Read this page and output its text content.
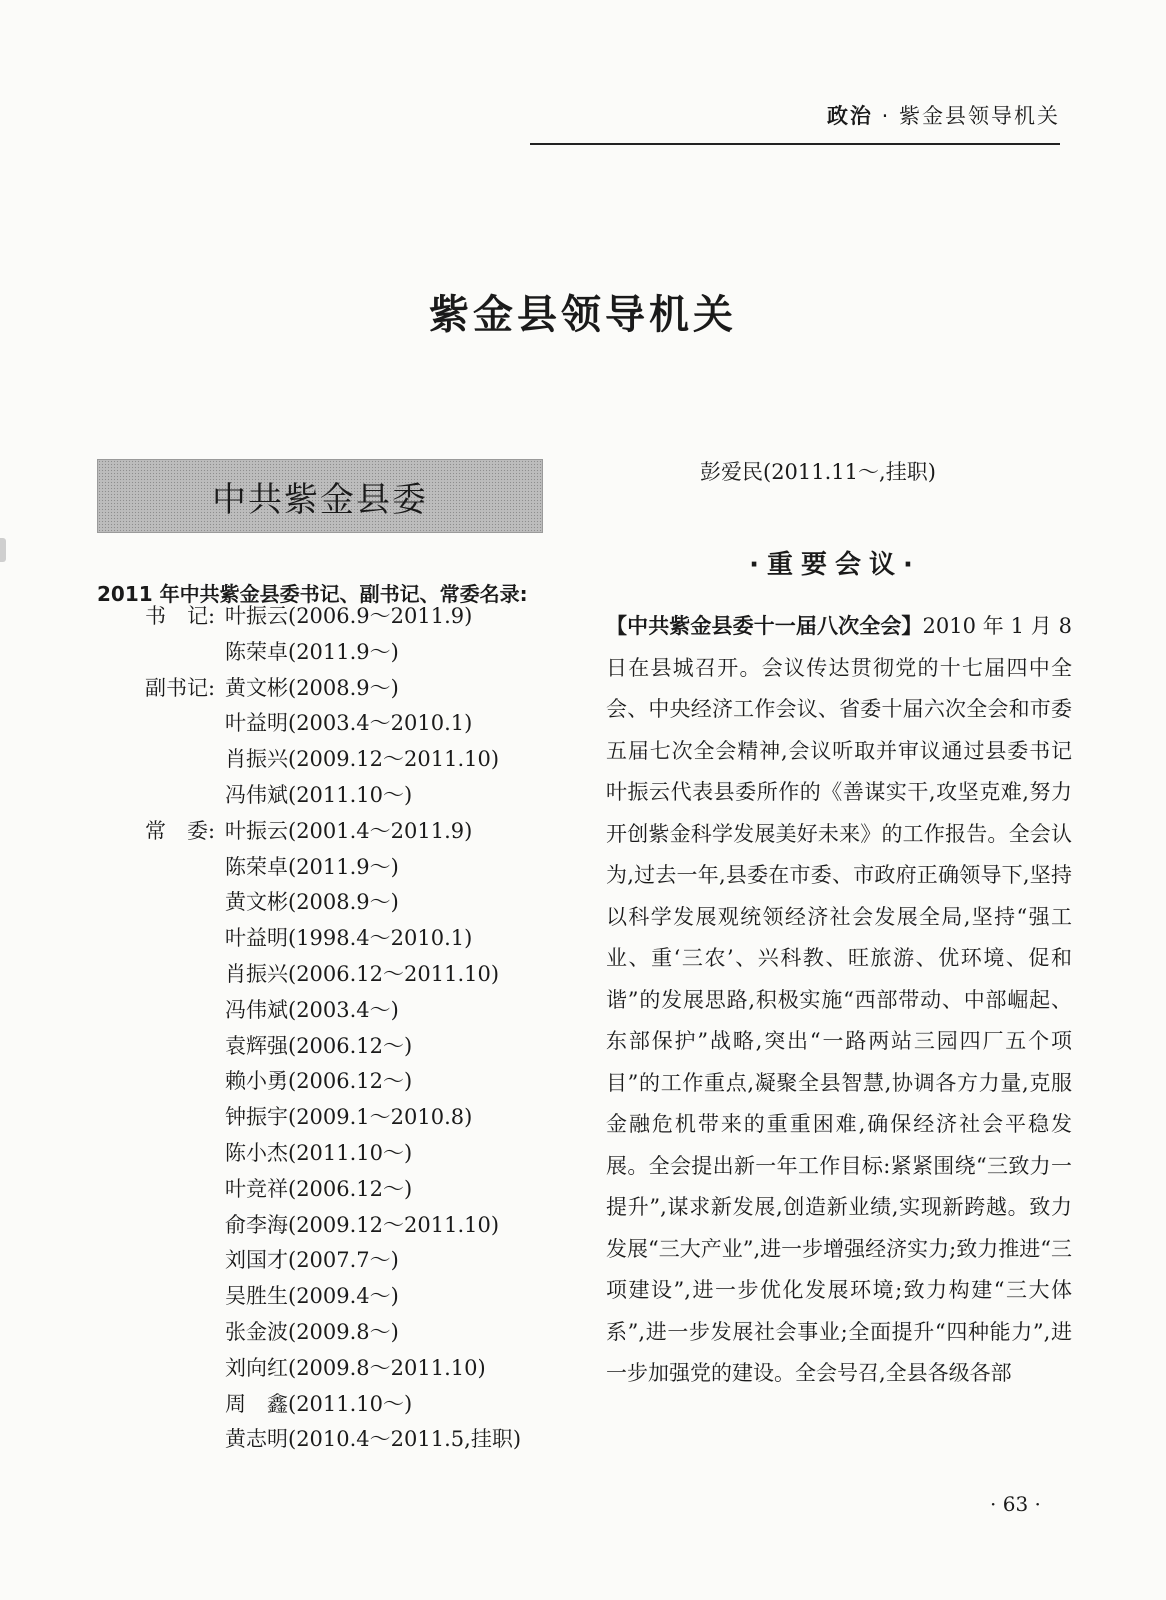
政治 · 紫金县领导机关
紫金县领导机关
中共紫金县委
2011 年中共紫金县委书记、副书记、常委名录:
书　记: 叶振云(2006.9～2011.9)
陈荣卓(2011.9～)
副书记: 黄文彬(2008.9～)
叶益明(2003.4～2010.1)
肖振兴(2009.12～2011.10)
冯伟斌(2011.10～)
常　委: 叶振云(2001.4～2011.9)
陈荣卓(2011.9～)
黄文彬(2008.9～)
叶益明(1998.4～2010.1)
肖振兴(2006.12～2011.10)
冯伟斌(2003.4～)
袁辉强(2006.12～)
赖小勇(2006.12～)
钟振宇(2009.1～2010.8)
陈小杰(2011.10～)
叶竞祥(2006.12～)
俞李海(2009.12～2011.10)
刘国才(2007.7～)
吴胜生(2009.4～)
张金波(2009.8～)
刘向红(2009.8～2011.10)
周　鑫(2011.10～)
黄志明(2010.4～2011.5,挂职)
彭爱民(2011.11～,挂职)
·重要会议·

【中共紫金县委十一届八次全会】2010 年 1 月 8 日在县城召开。会议传达贯彻党的十七届四中全会、中央经济工作会议、省委十届六次全会和市委五届七次全会精神,会议听取并审议通过县委书记叶振云代表县委所作的《善谋实干,攻坚克难,努力开创紫金科学发展美好未来》的工作报告。全会认为,过去一年,县委在市委、市政府正确领导下,坚持以科学发展观统领经济社会发展全局,坚持“强工业、重‘三农’、兴科教、旺旅游、优环境、促和谐”的发展思路,积极实施“西部带动、中部崛起、东部保护”战略,突出“一路两站三园四厂五个项目”的工作重点,凝聚全县智慧,协调各方力量,克服金融危机带来的重重困难,确保经济社会平稳发展。全会提出新一年工作目标:紧紧围绕“三致力一提升”,谋求新发展,创造新业绩,实现新跨越。致力发展“三大产业”,进一步增强经济实力;致力推进“三项建设”,进一步优化发展环境;致力构建“三大体系”,进一步发展社会事业;全面提升“四种能力”,进一步加强党的建设。全会号召,全县各级各部

· 63 ·
